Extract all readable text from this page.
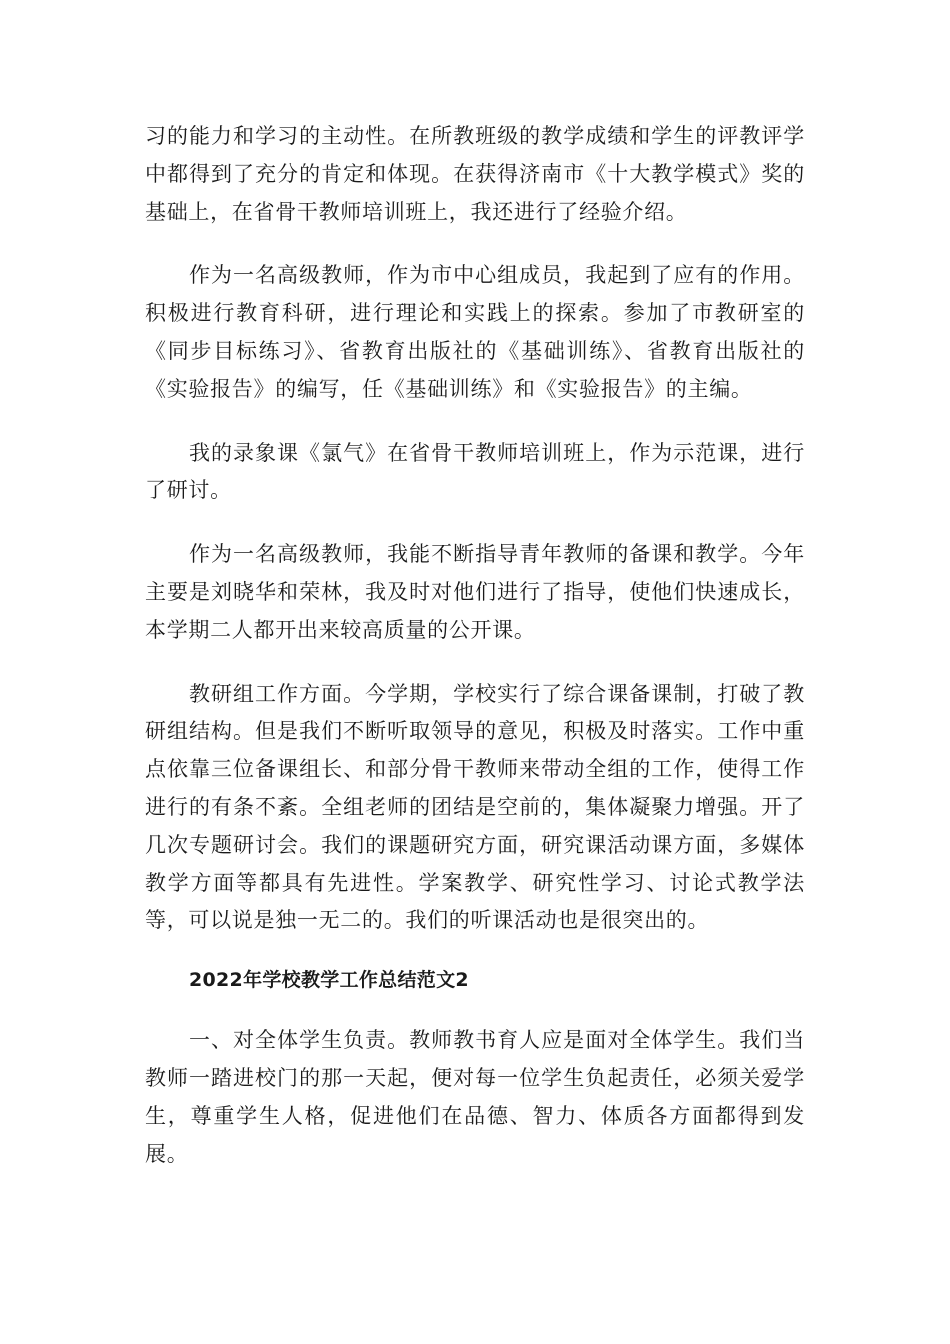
习的能力和学习的主动性。在所教班级的教学成绩和学生的评教评学中都得到了充分的肯定和体现。在获得济南市《十大教学模式》奖的基础上，在省骨干教师培训班上，我还进行了经验介绍。

作为一名高级教师，作为市中心组成员，我起到了应有的作用。积极进行教育科研，进行理论和实践上的探索。参加了市教研室的《同步目标练习》、省教育出版社的《基础训练》、省教育出版社的《实验报告》的编写，任《基础训练》和《实验报告》的主编。

我的录象课《氯气》在省骨干教师培训班上，作为示范课，进行了研讨。

作为一名高级教师，我能不断指导青年教师的备课和教学。今年主要是刘晓华和荣林，我及时对他们进行了指导，使他们快速成长，本学期二人都开出来较高质量的公开课。

教研组工作方面。今学期，学校实行了综合课备课制，打破了教研组结构。但是我们不断听取领导的意见，积极及时落实。工作中重点依靠三位备课组长、和部分骨干教师来带动全组的工作，使得工作进行的有条不紊。全组老师的团结是空前的，集体凝聚力增强。开了几次专题研讨会。我们的课题研究方面，研究课活动课方面，多媒体教学方面等都具有先进性。学案教学、研究性学习、讨论式教学法等，可以说是独一无二的。我们的听课活动也是很突出的。

2022年学校教学工作总结范文2

一、对全体学生负责。教师教书育人应是面对全体学生。我们当教师一踏进校门的那一天起，便对每一位学生负起责任，必须关爱学生，尊重学生人格，促进他们在品德、智力、体质各方面都得到发展。
